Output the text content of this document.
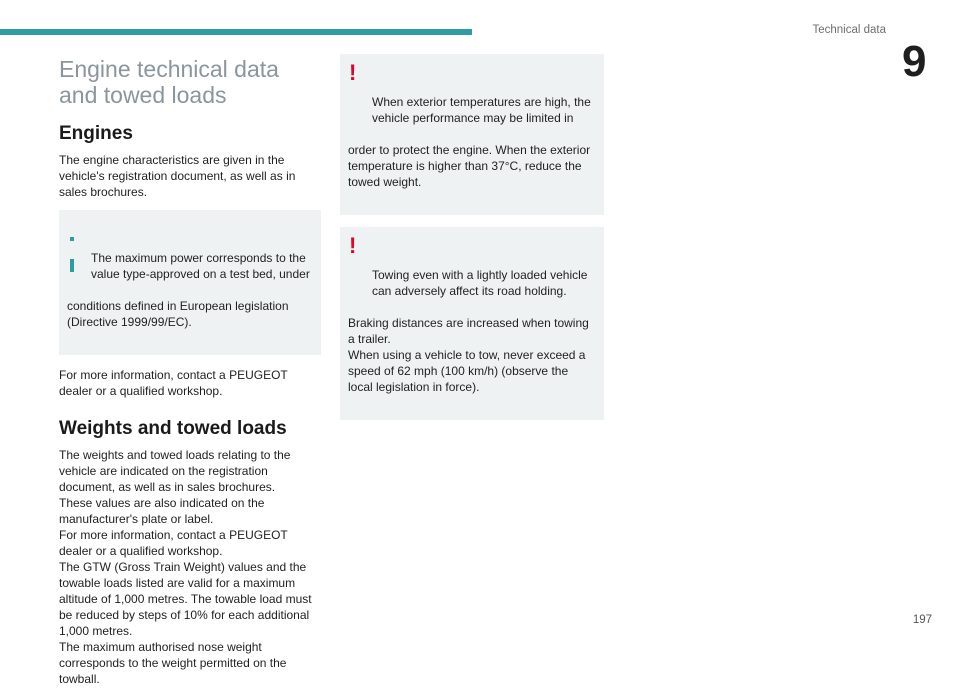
Technical data
9
Engine technical data and towed loads
Engines

The engine characteristics are given in the vehicle's registration document, as well as in sales brochures.

The maximum power corresponds to the value type-approved on a test bed, under

conditions defined in European legislation (Directive 1999/99/EC).

For more information, contact a PEUGEOT dealer or a qualified workshop.

Weights and towed loads

The weights and towed loads relating to the vehicle are indicated on the registration document, as well as in sales brochures.
These values are also indicated on the manufacturer's plate or label.
For more information, contact a PEUGEOT dealer or a qualified workshop.
The GTW (Gross Train Weight) values and the towable loads listed are valid for a maximum altitude of 1,000 metres. The towable load must be reduced by steps of 10% for each additional 1,000 metres.
The maximum authorised nose weight corresponds to the weight permitted on the towball.

!

When exterior temperatures are high, the vehicle performance may be limited in

order to protect the engine. When the exterior temperature is higher than 37°C, reduce the towed weight.

!

Towing even with a lightly loaded vehicle can adversely affect its road holding.

Braking distances are increased when towing a trailer.
When using a vehicle to tow, never exceed a speed of 62 mph (100 km/h) (observe the local legislation in force).

197
